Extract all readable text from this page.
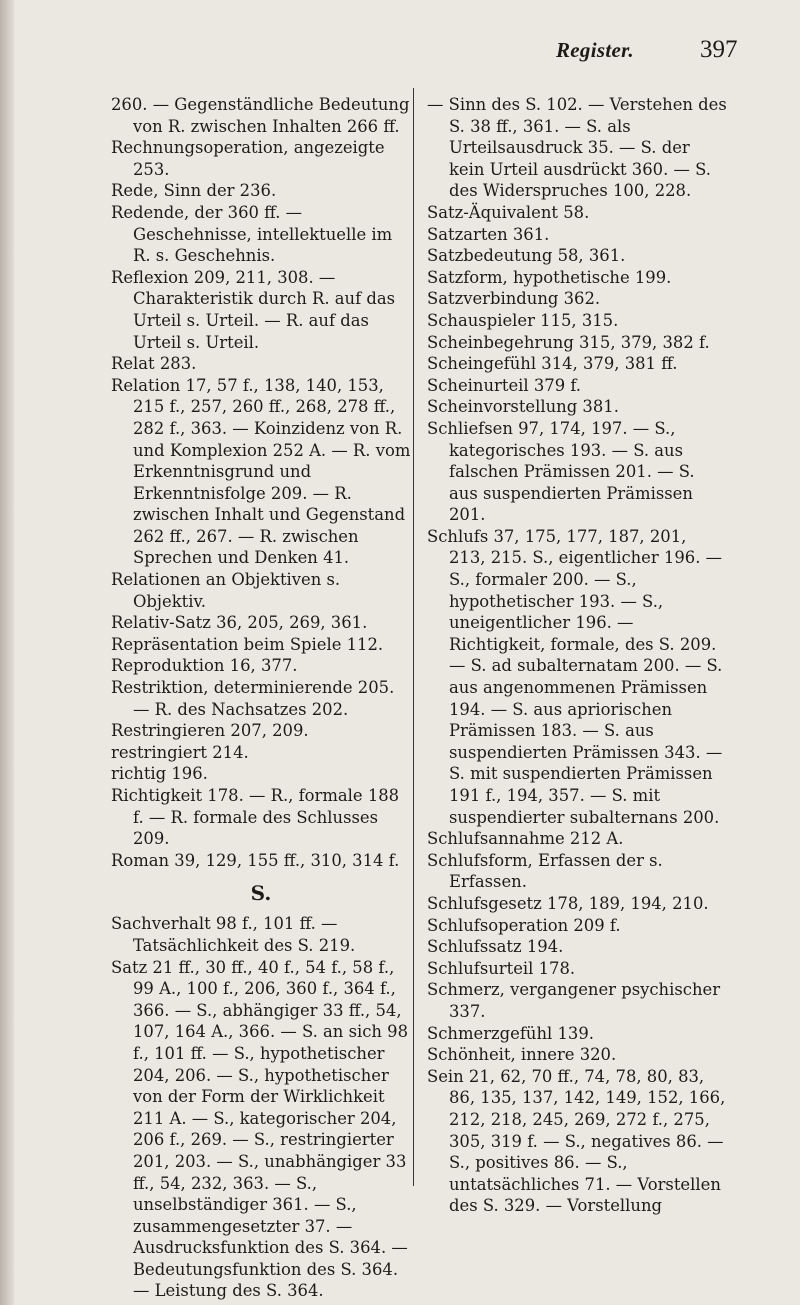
Register.	397

260. — Gegenständliche Bedeutung von R. zwischen Inhalten 266 ff.

Rechnungsoperation, angezeigte 253.

Rede, Sinn der 236.

Redende, der 360 ff. — Geschehnisse, intellektuelle im R. s. Geschehnis.

Reflexion 209, 211, 308. — Charakteristik durch R. auf das Urteil s. Urteil. — R. auf das Urteil s. Urteil.

Relat 283.

Relation 17, 57 f., 138, 140, 153, 215 f., 257, 260 ff., 268, 278 ff., 282 f., 363. — Koinzidenz von R. und Komplexion 252 A. — R. vom Erkenntnisgrund und Erkenntnisfolge 209. — R. zwischen Inhalt und Gegenstand 262 ff., 267. — R. zwischen Sprechen und Denken 41.

Relationen an Objektiven s. Objektiv.

Relativ-Satz 36, 205, 269, 361.

Repräsentation beim Spiele 112.

Reproduktion 16, 377.

Restriktion, determinierende 205. — R. des Nachsatzes 202.

Restringieren 207, 209.

restringiert 214.

richtig 196.

Richtigkeit 178. — R., formale 188 f. — R. formale des Schlusses 209.

Roman 39, 129, 155 ff., 310, 314 f.

S.

Sachverhalt 98 f., 101 ff. — Tatsächlichkeit des S. 219.

Satz 21 ff., 30 ff., 40 f., 54 f., 58 f., 99 A., 100 f., 206, 360 f., 364 f., 366. — S., abhängiger 33 ff., 54, 107, 164 A., 366. — S. an sich 98 f., 101 ff. — S., hypothetischer 204, 206. — S., hypothetischer von der Form der Wirklichkeit 211 A. — S., kategorischer 204, 206 f., 269. — S., restringierter 201, 203. — S., unabhängiger 33 ff., 54, 232, 363. — S., unselbständiger 361. — S., zusammengesetzter 37. — Ausdrucksfunktion des S. 364. — Bedeutungsfunktion des S. 364. — Leistung des S. 364.

— Sinn des S. 102. — Verstehen des S. 38 ff., 361. — S. als Urteilsausdruck 35. — S. der kein Urteil ausdrückt 360. — S. des Widerspruches 100, 228.

Satz-Äquivalent 58.

Satzarten 361.

Satzbedeutung 58, 361.

Satzform, hypothetische 199.

Satzverbindung 362.

Schauspieler 115, 315.

Scheinbegehrung 315, 379, 382 f.

Scheingefühl 314, 379, 381 ff.

Scheinurteil 379 f.

Scheinvorstellung 381.

Schliefsen 97, 174, 197. — S., kategorisches 193. — S. aus falschen Prämissen 201. — S. aus suspendierten Prämissen 201.

Schlufs 37, 175, 177, 187, 201, 213, 215. S., eigentlicher 196. — S., formaler 200. — S., hypothetischer 193. — S., uneigentlicher 196. — Richtigkeit, formale, des S. 209. — S. ad subalternatam 200. — S. aus angenommenen Prämissen 194. — S. aus apriorischen Prämissen 183. — S. aus suspendierten Prämissen 343. — S. mit suspendierten Prämissen 191 f., 194, 357. — S. mit suspendierter subalternans 200.

Schlufsannahme 212 A.

Schlufsform, Erfassen der s. Erfassen.

Schlufsgesetz 178, 189, 194, 210.

Schlufsoperation 209 f.

Schlufssatz 194.

Schlufsurteil 178.

Schmerz, vergangener psychischer 337.

Schmerzgefühl 139.

Schönheit, innere 320.

Sein 21, 62, 70 ff., 74, 78, 80, 83, 86, 135, 137, 142, 149, 152, 166, 212, 218, 245, 269, 272 f., 275, 305, 319 f. — S., negatives 86. — S., positives 86. — S., untatsächliches 71. — Vorstellen des S. 329. — Vorstellung
